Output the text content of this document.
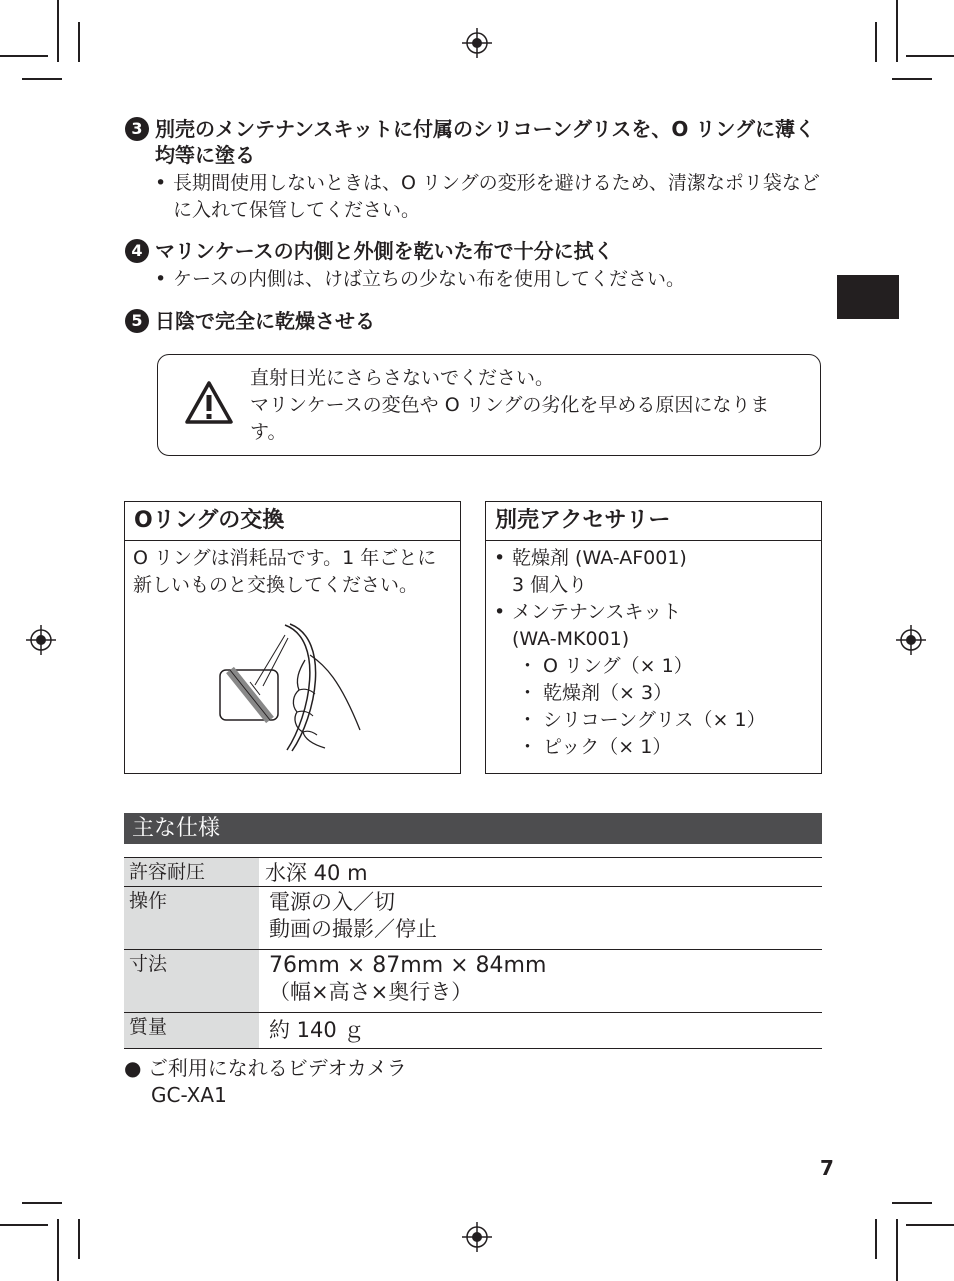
3 別売のメンテナンスキットに付属のシリコーングリスを、O リングに薄く均等に塗る
• 長期間使用しないときは、O リングの変形を避けるため、清潔なポリ袋などに入れて保管してください。
4 マリンケースの内側と外側を乾いた布で十分に拭く
• ケースの内側は、けば立ちの少ない布を使用してください。
5 日陰で完全に乾燥させる
直射日光にさらさないでください。
マリンケースの変色や O リングの劣化を早める原因になります。
Oリングの交換
O リングは消耗品です。1 年ごとに新しいものと交換してください。
別売アクセサリー
• 乾燥剤 (WA-AF001)
3 個入り
• メンテナンスキット
(WA-MK001)
・ O リング（× 1）
・ 乾燥剤（× 3）
・ シリコーングリス（× 1）
・ ピック（× 1）
主な仕様
許容耐圧	水深 40 m
操作	電源の入／切
動画の撮影／停止
寸法	76mm × 87mm × 84mm
（幅×高さ×奥行き）
質量	約 140 ｇ
● ご利用になれるビデオカメラ
GC-XA1
7
